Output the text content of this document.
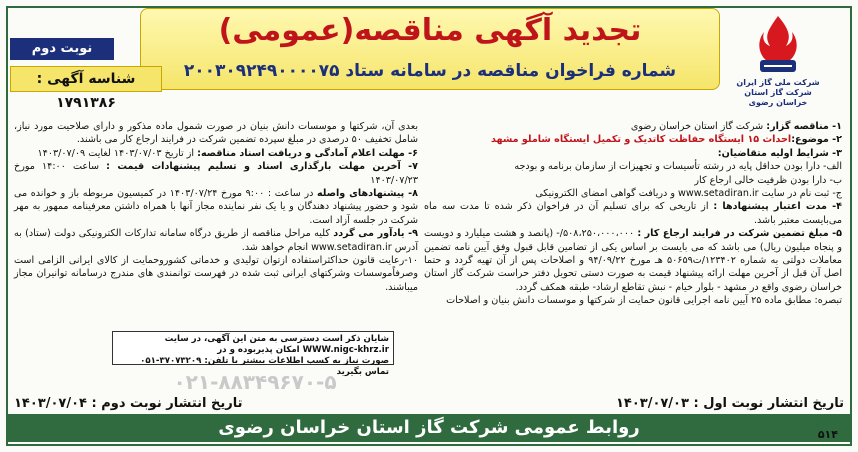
تجدید آگهی مناقصه(عمومی)
شماره فراخوان مناقصه در سامانه ستاد ۲۰۰۳۰۹۲۴۹۰۰۰۰۷۵
شرکت ملی گاز ایران
شرکت گاز استان خراسان رضوی
نوبت دوم
شناسه آگهی : ۱۷۹۱۳۸۶

۱- مناقصه گزار: شرکت گاز استان خراسان رضوی

۲- موضوع:احداث ۱۵ ایستگاه حفاظت کاتدیک و تکمیل ایستگاه شاملو مشهد

۳- شرایط اولیه متقاضیان:

الف- دارا بودن حداقل پایه در رشته تأسیسات و تجهیزات از سازمان برنامه و بودجه

ب- دارا بودن ظرفیت خالی ارجاع کار

ج- ثبت نام در سایت www.setadiran.ir و دریافت گواهی امضای الکترونیکی

۴- مدت اعتبار پیشنهادها : از تاریخی که برای تسلیم آن در فراخوان ذکر شده تا مدت سه ماه می‌بایست معتبر باشد.

۵- مبلغ تضمین شرکت در فرایند ارجاع کار : ۵۰۸،۲۵۰،۰۰۰،۰۰۰/- (پانصد و هشت میلیارد و دویست و پنجاه میلیون ریال) می باشد که می بایست بر اساس یکی از تضامین قابل قبول وفق آیین نامه تضمین معاملات دولتی به شماره ۱۲۳۴۰۲/ت۵۰۶۵۹ هـ مورخ ۹۴/۰۹/۲۲ و اصلاحات پس از آن تهیه گردد و حتما اصل آن قبل از آخرین مهلت ارائه پیشنهاد قیمت به صورت دستی تحویل دفتر حراست شرکت گاز استان خراسان رضوی واقع در مشهد - بلوار خیام - نبش تقاطع ارشاد- طبقه همکف گردد.

تبصره: مطابق ماده ۲۵ آیین نامه اجرایی قانون حمایت از شرکتها و موسسات دانش بنیان و اصلاحات

بعدی آن، شرکتها و موسسات دانش بنیان در صورت شمول ماده مذکور و دارای صلاحیت مورد نیاز، شامل تخفیف ۵۰ درصدی در مبلغ سپرده تضمین شرکت در فرایند ارجاع کار می باشند.

۶- مهلت اعلام آمادگی و دریافت اسناد مناقصه: از تاریخ ۱۴۰۳/۰۷/۰۳ لغایت ۱۴۰۳/۰۷/۰۹

۷- آخرین مهلت بارگذاری اسناد و تسلیم پیشنهادات قیمت : ساعت ۱۴:۰۰ مورخ ۱۴۰۳/۰۷/۲۳

۸- پیشنهادهای واصله در ساعت : ۹:۰۰ مورخ ۱۴۰۳/۰۷/۲۴ در کمیسیون مربوطه باز و خوانده می شود و حضور پیشنهاد دهندگان و یا یک نفر نماینده مجاز آنها با همراه داشتن معرفینامه ممهور به مهر شرکت در جلسه آزاد است.

۹- یادآور می گردد کلیه مراحل مناقصه از طریق درگاه سامانه تدارکات الکترونیکی دولت (ستاد) به آدرس www.setadiran.ir انجام خواهد شد.

۱۰-رعایت قانون حداکثراستفاده ازتوان تولیدی و خدماتی کشوروحمایت از کالای ایرانی الزامی است وصرفاًموسسات وشرکتهای ایرانی ثبت شده در فهرست توانمندی های مندرج درسامانه توانیران مجاز میباشند.

شایان ذکر است دسترسی به متن این آگهی، در سایت WWW.nigc-khrz.ir امکان پذیربوده و در
صورت نیاز به کسب اطلاعات بیشتر با تلفن: ۳۷۰۷۳۲۰۹-۰۵۱ تماس بگیرید
۰۲۱-۸۸۳۴۹۶۷۰-۵
تاریخ انتشار نوبت اول : ۱۴۰۳/۰۷/۰۳
تاریخ انتشار نوبت دوم : ۱۴۰۳/۰۷/۰۴
روابط عمومی شرکت گاز استان خراسان رضوی	۵۱۴
